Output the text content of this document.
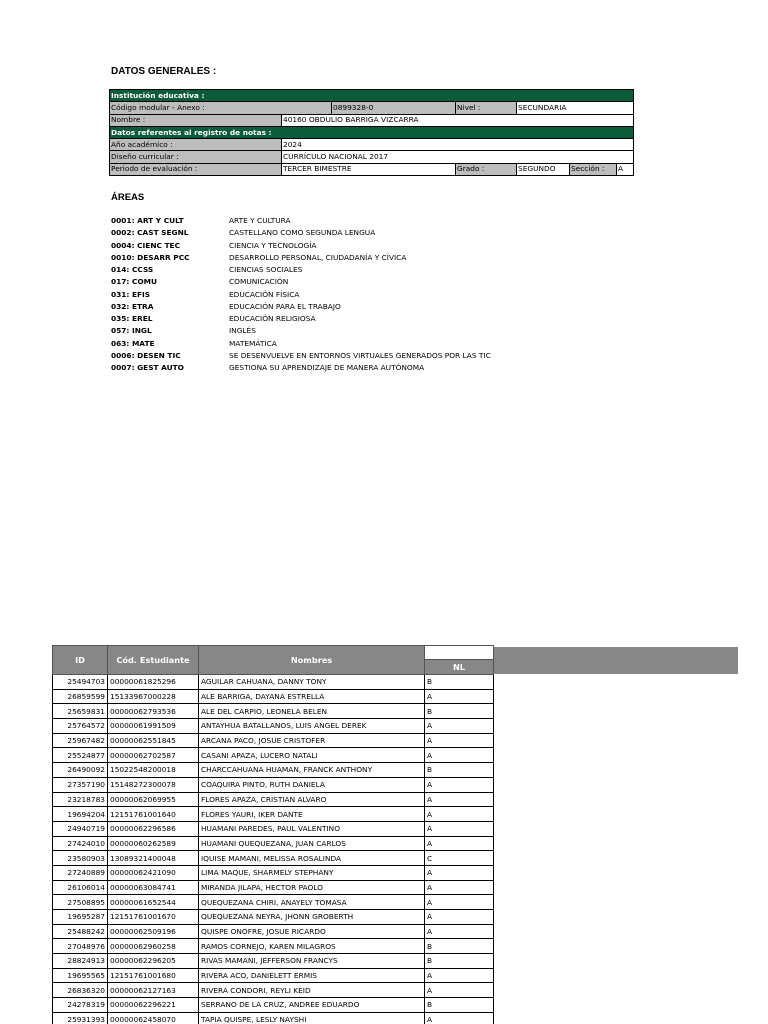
DATOS GENERALES :
Institución educativa :						
Código modular - Anexo :		0899328-0	Nivel :	SECUNDARIA		
Nombre :	40160 OBDULIO BARRIGA VIZCARRA					
Datos referentes al registro de notas :						
Año académico :	2024					
Diseño curricular :	CURRÍCULO NACIONAL 2017					
Periodo de evaluación :	TERCER BIMESTRE		Grado :	SEGUNDO	Sección :	A
ÁREAS
0001: ART Y CULT	ARTE Y CULTURA
0002: CAST SEGNL	CASTELLANO COMO SEGUNDA LENGUA
0004: CIENC TEC	CIENCIA Y TECNOLOGÍA
0010: DESARR PCC	DESARROLLO PERSONAL, CIUDADANÍA Y CÍVICA
014: CCSS	CIENCIAS SOCIALES
017: COMU	COMUNICACIÓN
031: EFIS	EDUCACIÓN FÍSICA
032: ETRA	EDUCACIÓN PARA EL TRABAJO
035: EREL	EDUCACIÓN RELIGIOSA
057: INGL	INGLÉS
063: MATE	MATEMÁTICA
0006: DESEN TIC	SE DESENVUELVE EN ENTORNOS VIRTUALES GENERADOS POR LAS TIC
0007: GEST AUTO	GESTIONA SU APRENDIZAJE DE MANERA AUTÓNOMA
ID	Cód. Estudiante	Nombres	
			NL
25494703	00000061825296	AGUILAR CAHUANA, DANNY TONY	B
26859599	15133967000228	ALE BARRIGA, DAYANA ESTRELLA	A
25659831	00000062793536	ALE DEL CARPIO, LEONELA BELEN	B
25764572	00000061991509	ANTAYHUA BATALLANOS, LUIS ANGEL DEREK	A
25967482	00000062551845	ARCANA PACO, JOSUE CRISTOFER	A
25524877	00000062702587	CASANI APAZA, LUCERO NATALI	A
26490092	15022548200018	CHARCCAHUANA HUAMAN, FRANCK ANTHONY	B
27357190	15148272300078	COAQUIRA PINTO, RUTH DANIELA	A
23218783	00000062069955	FLORES APAZA, CRISTIAN ALVARO	A
19694204	12151761001640	FLORES YAURI, IKER DANTE	A
24940719	00000062296586	HUAMANI PAREDES, PAUL VALENTINO	A
27424010	00000060262589	HUAMANI QUEQUEZANA, JUAN CARLOS	A
23580903	13089321400048	IQUISE MAMANI, MELISSA ROSALINDA	C
27240889	00000062421090	LIMA MAQUE, SHARMELY STEPHANY	A
26106014	00000063084741	MIRANDA JILAPA, HECTOR PAOLO	A
27508895	00000061652544	QUEQUEZANA CHIRI, ANAYELY TOMASA	A
19695287	12151761001670	QUEQUEZANA NEYRA, JHONN GROBERTH	A
25488242	00000062509196	QUISPE ONOFRE, JOSUE RICARDO	A
27048976	00000062960258	RAMOS CORNEJO, KAREN MILAGROS	B
28824913	00000062296205	RIVAS MAMANI, JEFFERSON FRANCYS	B
19695565	12151761001680	RIVERA ACO, DANIELETT ERMIS	A
26836320	00000062127163	RIVERA CONDORI, REYLI KEID	A
24278319	00000062296221	SERRANO DE LA CRUZ, ANDREE EDUARDO	B
25931393	00000062458070	TAPIA QUISPE, LESLY NAYSHI	A
